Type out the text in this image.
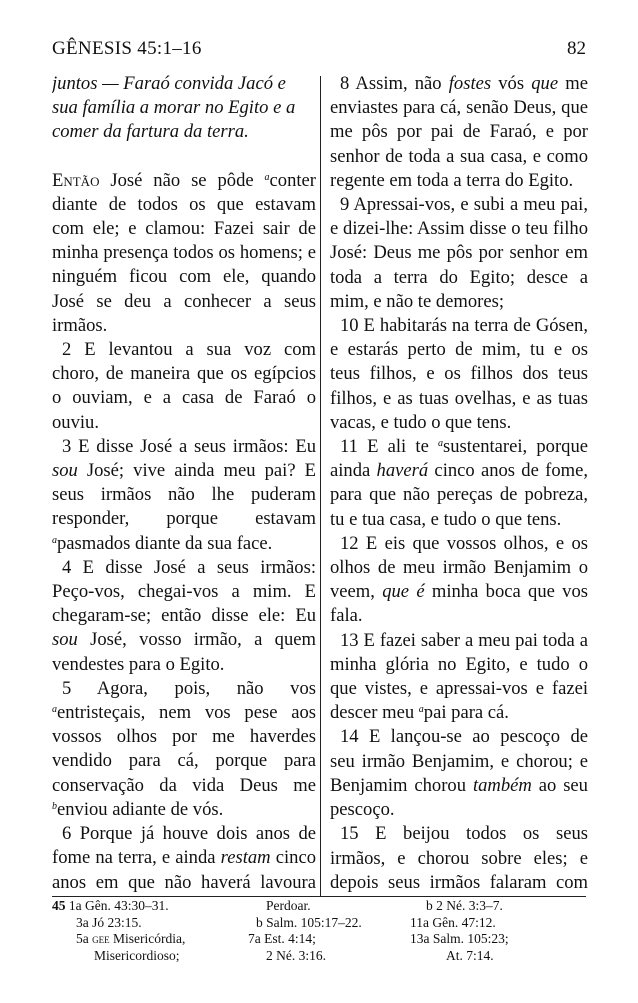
GÊNESIS 45:1–16	82
juntos — Faraó convida Jacó e sua família a morar no Egito e a comer da fartura da terra.

Então José não se pôde $^a$conter diante de todos os que estavam com ele; e clamou: Fazei sair de minha presença todos os homens; e ninguém ficou com ele, quando José se deu a conhecer a seus irmãos.

2 E levantou a sua voz com choro, de maneira que os egípcios o ouviam, e a casa de Faraó o ouviu.

3 E disse José a seus irmãos: Eu sou José; vive ainda meu pai? E seus irmãos não lhe puderam responder, porque estavam $^a$pasmados diante da sua face.

4 E disse José a seus irmãos: Peço-vos, chegai-vos a mim. E chegaram-se; então disse ele: Eu sou José, vosso irmão, a quem vendestes para o Egito.

5 Agora, pois, não vos $^a$entristeçais, nem vos pese aos vossos olhos por me haverdes vendido para cá, porque para conservação da vida Deus me $^b$enviou adiante de vós.

6 Porque já houve dois anos de fome na terra, e ainda restam cinco anos em que não haverá lavoura

8 Assim, não fostes vós que me enviastes para cá, senão Deus, que me pôs por pai de Faraó, e por senhor de toda a sua casa, e como regente em toda a terra do Egito.

9 Apressai-vos, e subi a meu pai, e dizei-lhe: Assim disse o teu filho José: Deus me pôs por senhor em toda a terra do Egito; desce a mim, e não te demores;

10 E habitarás na terra de Gósen, e estarás perto de mim, tu e os teus filhos, e os filhos dos teus filhos, e as tuas ovelhas, e as tuas vacas, e tudo o que tens.

11 E ali te $^a$sustentarei, porque ainda haverá cinco anos de fome, para que não pereças de pobreza, tu e tua casa, e tudo o que tens.

12 E eis que vossos olhos, e os olhos de meu irmão Benjamim o veem, que é minha boca que vos fala.

13 E fazei saber a meu pai toda a minha glória no Egito, e tudo o que vistes, e apressai-vos e fazei descer meu $^a$pai para cá.

14 E lançou-se ao pescoço de seu irmão Benjamim, e chorou; e Benjamim chorou também ao seu pescoço.

15 E beijou todos os seus irmãos, e chorou sobre eles; e depois seus irmãos falaram com

45 1a Gên. 43:30–31.
3a Jó 23:15.
5a gee Misericórdia,
Misericordioso;
Perdoar.
b Salm. 105:17–22.
7a Est. 4:14;
2 Né. 3:16.
b 2 Né. 3:3–7.
11a Gên. 47:12.
13a Salm. 105:23;
At. 7:14.
